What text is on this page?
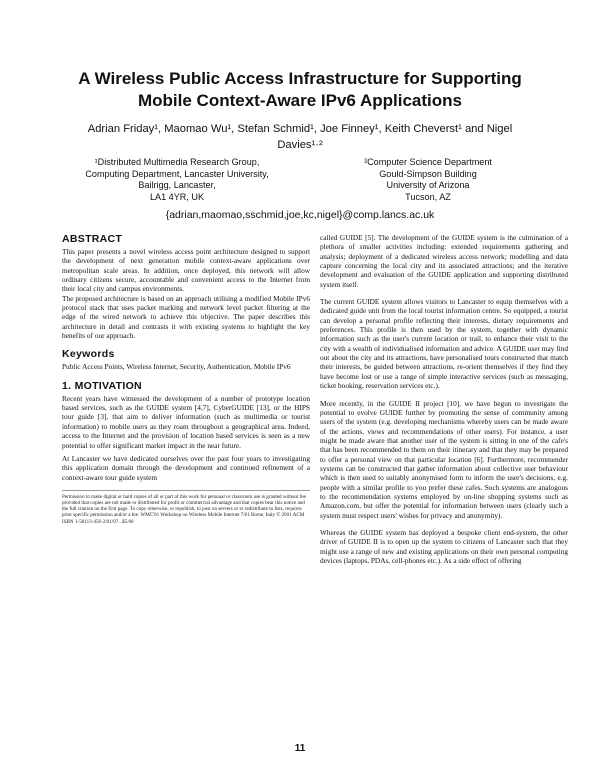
A Wireless Public Access Infrastructure for Supporting
Mobile Context-Aware IPv6 Applications
Adrian Friday¹, Maomao Wu¹, Stefan Schmid¹, Joe Finney¹, Keith Cheverst¹ and Nigel
Davies¹·²
¹Distributed Multimedia Research Group,
Computing Department, Lancaster University,
Bailrigg, Lancaster,
LA1 4YR, UK
²Computer Science Department
Gould-Simpson Building
University of Arizona
Tucson, AZ
{adrian,maomao,sschmid,joe,kc,nigel}@comp.lancs.ac.uk
ABSTRACT

This paper presents a novel wireless access point architecture designed to support the development of next generation mobile context-aware applications over metropolitan scale areas. In addition, once deployed, this network will allow ordinary citizens secure, accountable and convenient access to the Internet from their local city and campus environments.

The proposed architecture is based on an approach utilising a modified Mobile IPv6 protocol stack that uses packet marking and network level packet filtering at the edge of the wired network to achieve this objective. The paper describes this architecture in detail and contrasts it with existing systems to highlight the key benefits of our approach.

Keywords

Public Access Points, Wireless Internet, Security, Authentication, Mobile IPv6

1. MOTIVATION

Recent years have witnessed the development of a number of prototype location based services, such as the GUIDE system [4,7], CyberGUIDE [13], or the HIPS tour guide [3], that aim to deliver information (such as multimedia or tourist information) to mobile users as they roam throughout a geographical area. Indeed, access to the Internet and the provision of location based services is seen as a new potential to offer significant market impact in the near future.

At Lancaster we have dedicated ourselves over the past four years to investigating this application domain through the development and continued refinement of a context-aware tour guide system

Permission to make digital or hard copies of all or part of this work for personal or classroom use is granted without fee provided that copies are not made or distributed for profit or commercial advantage and that copies bear this notice and the full citation on the first page. To copy otherwise, or republish, to post on servers or to redistribute to lists, requires prior specific permission and/or a fee. WMC'01 Workshop on Wireless Mobile Internet 7/01 Rome, Italy © 2001 ACM ISBN 1-58113-456-2/01/07...$5.00

called GUIDE [5]. The development of the GUIDE system is the culmination of a plethora of smaller activities including: extended requirements gathering and analysis; deployment of a dedicated wireless access network; modelling and data capture concerning the local city and its associated attractions; and the iterative development and evaluation of the GUIDE application and supporting distributed system itself.

The current GUIDE system allows visitors to Lancaster to equip themselves with a dedicated guide unit from the local tourist information centre. So equipped, a tourist can develop a personal profile reflecting their interests, dietary requirements and preferences. This profile is then used by the system, together with dynamic information such as the user's current location or trail, to enhance their visit to the city with a wealth of individualised information and advice. A GUIDE user may find out about the city and its attractions, have personalised tours constructed that match their interests, be guided between attractions, re-orient themselves if they find they have become lost or use a range of simple interactive services (such as messaging, ticket booking, reservation services etc.).

More recently, in the GUIDE II project [10], we have begun to investigate the potential to evolve GUIDE further by promoting the sense of community among users of the system (e.g. developing mechanisms whereby users can be made aware of the actions, views and recommendations of other users). For instance, a user might be made aware that another user of the system is sitting in one of the cafe's that has been recommended to them on their itinerary and that they may be prepared to offer a personal view on that particular location [6]. Furthermore, recommender systems can be constructed that gather information about collective user behaviour which is then used to suitably anonymised form to inform the user's decisions, e.g. people with a similar profile to you prefer these cafes. Such systems are analogous to the recommendation systems employed by on-line shopping systems such as Amazon.com, but offer the potential for information between users (clearly such a system must respect users' wishes for privacy and anonymity).

Whereas the GUIDE system has deployed a bespoke client end-system, the other driver of GUIDE II is to open up the system to citizens of Lancaster such that they might use a range of new and existing applications on their own personal computing devices (laptops, PDAs, cell-phones etc.). As a side effect of offering

11
